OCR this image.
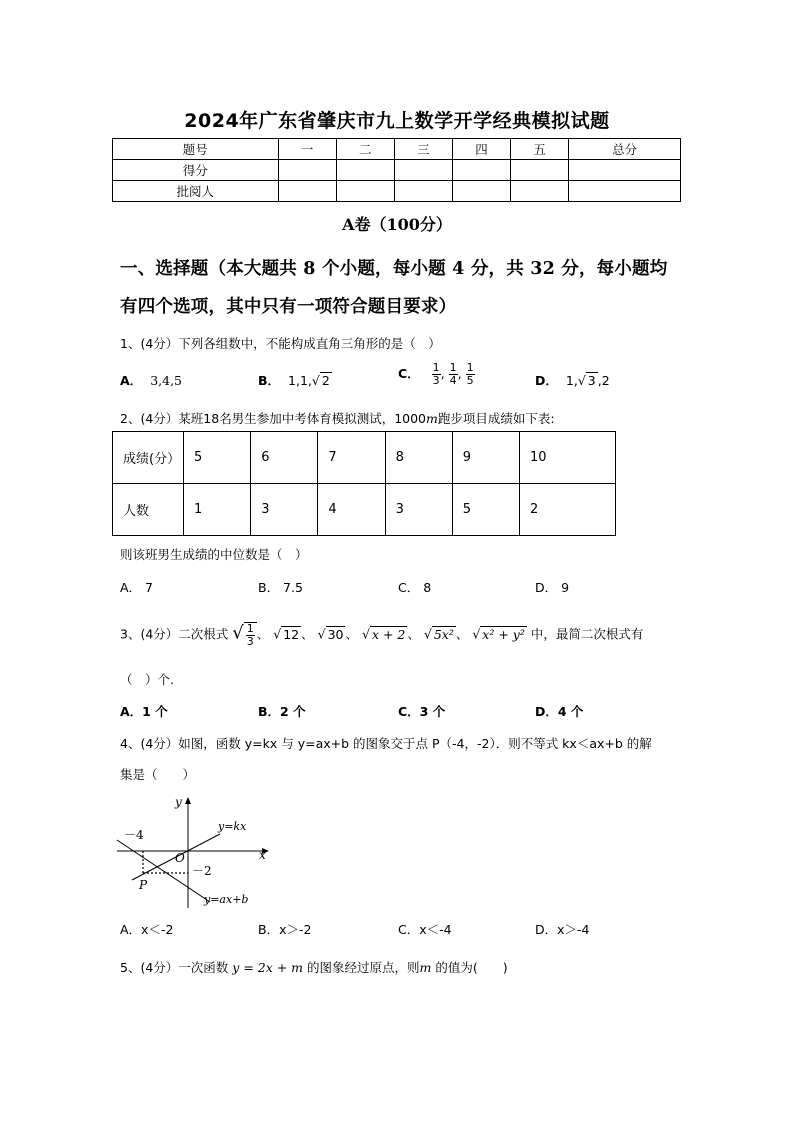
2024年广东省肇庆市九上数学开学经典模拟试题
题号	一	二	三	四	五	总分
得分						
批阅人						
A卷（100分）
一、选择题（本大题共 8 个小题，每小题 4 分，共 32 分，每小题均
有四个选项，其中只有一项符合题目要求）
1、(4分）下列各组数中，不能构成直角三角形的是（　）
A． 3,4,5	B． 1,1,√ 2	C． $\frac{1}{3}$ , $\frac{1}{4}$ , $\frac{1}{5}$	D． 1,√ 3 ,2
2、(4分）某班18名男生参加中考体育模拟测试，1000m跑步项目成绩如下表:
成绩(分）	5	6	7	8	9	10
人数	1	3	4	3	5	2
则该班男生成绩的中位数是（　）
A． 7	B． 7.5	C． 8	D． 9
3、(4分）二次根式 √ $\frac{1}{3}$ 、 √ 12 、 √ 30 、 √ x + 2 、 √ 5x² 、 √ x² + y² 中，最简二次根式有
（　）个.
A．1 个	B．2 个	C．3 个	D．4 个
4、(4分）如图，函数 y=kx 与 y=ax+b 的图象交于点 P（-4，-2）．则不等式 kx＜ax+b 的解
集是（　　）
y
x
O
P
－4
－2
y=kx
y=ax+b
A．x＜-2	B．x＞-2	C．x＜-4	D．x＞-4
5、(4分）一次函数 y = 2x + m 的图象经过原点，则m 的值为(　　)
